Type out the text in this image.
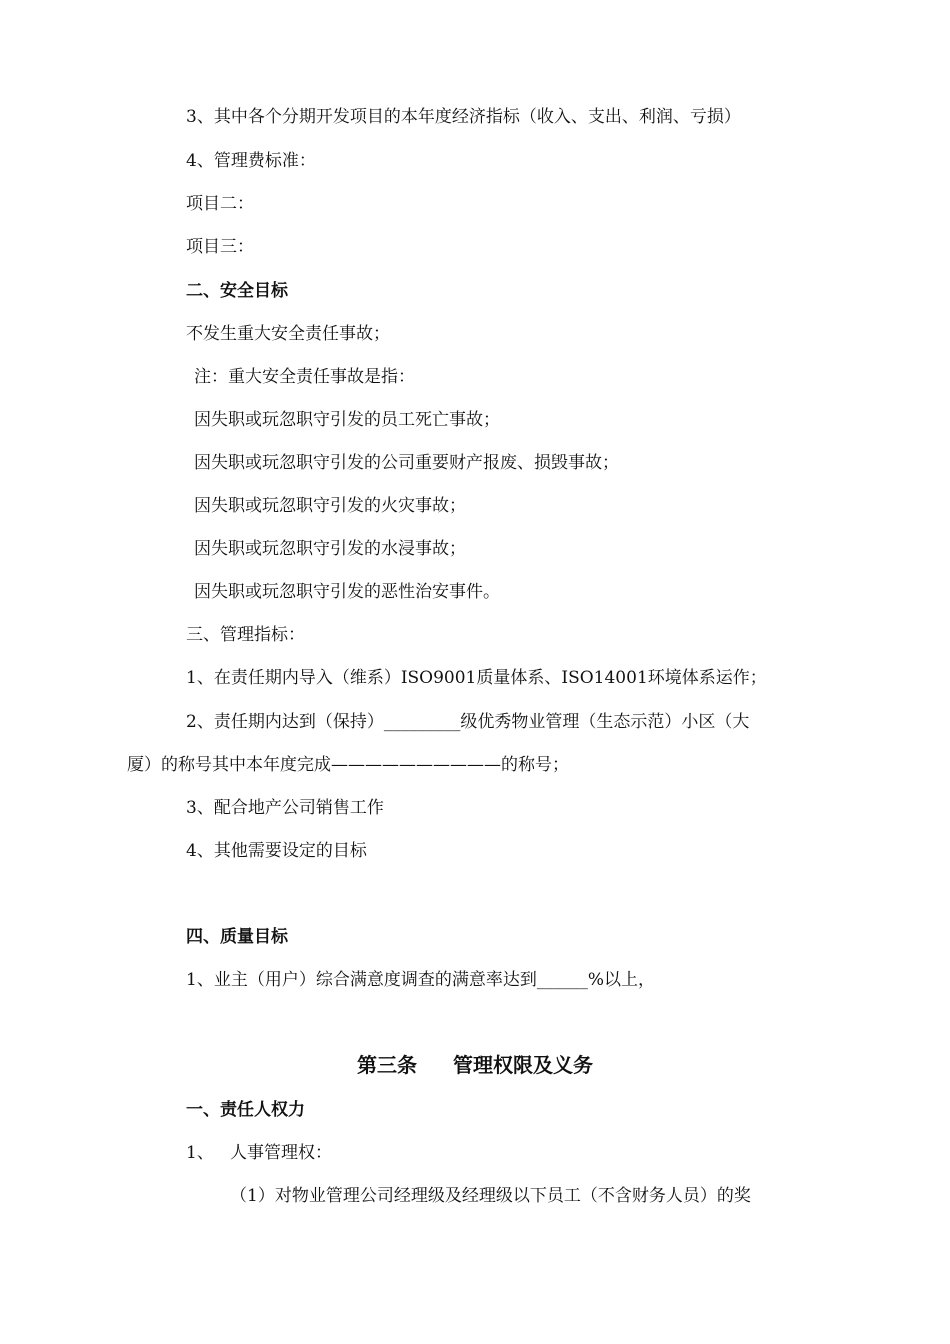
3、其中各个分期开发项目的本年度经济指标（收入、支出、利润、亏损）
4、管理费标准：
项目二：
项目三：
二、安全目标
不发生重大安全责任事故；
注：重大安全责任事故是指：
因失职或玩忽职守引发的员工死亡事故；
因失职或玩忽职守引发的公司重要财产报废、损毁事故；
因失职或玩忽职守引发的火灾事故；
因失职或玩忽职守引发的水浸事故；
因失职或玩忽职守引发的恶性治安事件。
三、管理指标：
1、在责任期内导入（维系）ISO9001质量体系、ISO14001环境体系运作；
2、责任期内达到（保持）_________级优秀物业管理（生态示范）小区（大
厦）的称号其中本年度完成——————————的称号；
3、配合地产公司销售工作
4、其他需要设定的目标
四、质量目标
1、业主（用户）综合满意度调查的满意率达到______%以上，
第三条 管理权限及义务
一、责任人权力
1、   人事管理权：
（1）对物业管理公司经理级及经理级以下员工（不含财务人员）的奖
